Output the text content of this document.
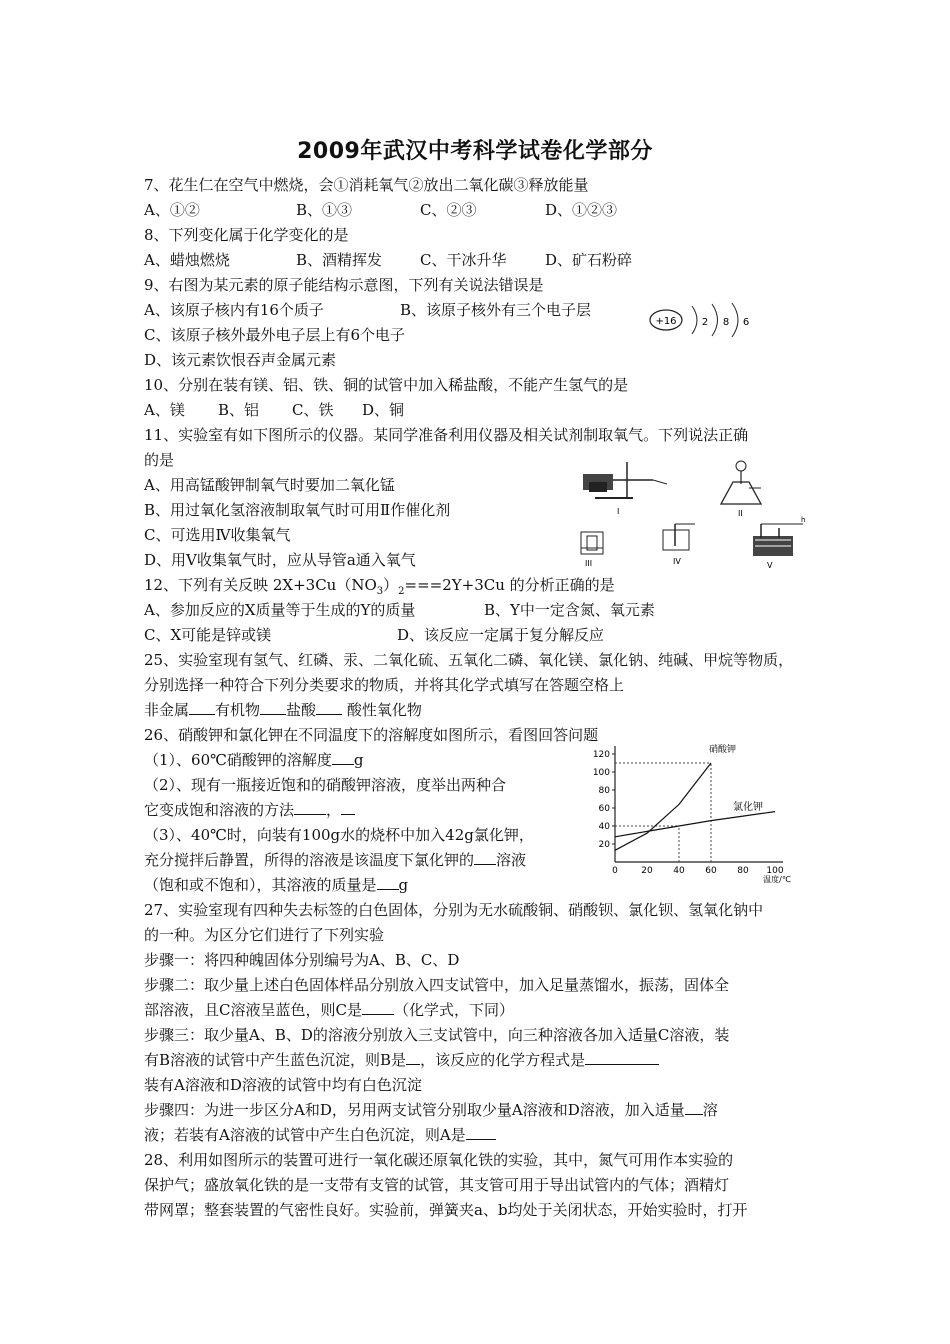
2009年武汉中考科学试卷化学部分
7、花生仁在空气中燃烧，会①消耗氧气②放出二氧化碳③释放能量
A、①②	B、①③	C、②③	D、①②③
8、下列变化属于化学变化的是
A、蜡烛燃烧	B、酒精挥发	C、干冰升华	D、矿石粉碎
9、右图为某元素的原子能结构示意图，下列有关说法错误是
A、该原子核内有16个质子	B、该原子核外有三个电子层
C、该原子核外最外电子层上有6个电子
D、该元素饮恨吞声金属元素
+16	2 8 6
10、分别在装有镁、铝、铁、铜的试管中加入稀盐酸，不能产生氢气的是
A、镁 B、铝 C、铁 D、铜
11、实验室有如下图所示的仪器。某同学准备利用仪器及相关试剂制取氧气。下列说法正确
的是
A、用高锰酸钾制氧气时要加二氧化锰
B、用过氧化氢溶液制取氧气时可用Ⅱ作催化剂
C、可选用Ⅳ收集氧气
D、用Ⅴ收集氧气时，应从导管a通入氧气
I	II
III	IV
h
V
12、下列有关反映 $2X+3Cu(NO_3)_2===2Y+3Cu$ 的分析正确的是
A、参加反应的X质量等于生成的Y的质量	B、Y中一定含氮、氧元素
C、X可能是锌或镁	D、该反应一定属于复分解反应
25、实验室现有氢气、红磷、汞、二氧化硫、五氧化二磷、氧化镁、氯化钠、纯碱、甲烷等物质，
分别选择一种符合下列分类要求的物质，并将其化学式填写在答题空格上
非金属 有机物 盐酸 酸性氧化物
26、硝酸钾和氯化钾在不同温度下的溶解度如图所示，看图回答问题
（1）、60℃硝酸钾的溶解度 g
（2）、现有一瓶接近饱和的硝酸钾溶液，度举出两种合
它变成饱和溶液的方法 ，
（3）、40℃时，向装有100g水的烧杯中加入42g氯化钾，
充分搅拌后静置，所得的溶液是该温度下氯化钾的 溶液
（饱和或不饱和），其溶液的质量是 g
0	20 40 60 80 100
20
40
60
80
100
120
温度/℃
硝酸钾
氯化钾
27、实验室现有四种失去标签的白色固体，分别为无水硫酸铜、硝酸钡、氯化钡、氢氧化钠中
的一种。为区分它们进行了下列实验
步骤一：将四种魄固体分别编号为A、B、C、D
步骤二：取少量上述白色固体样品分别放入四支试管中，加入足量蒸馏水，振荡，固体全
部溶液，且C溶液呈蓝色，则C是 （化学式，下同）
步骤三：取少量A、B、D的溶液分别放入三支试管中，向三种溶液各加入适量C溶液，装
有B溶液的试管中产生蓝色沉淀，则B是 ，该反应的化学方程式是
装有A溶液和D溶液的试管中均有白色沉淀
步骤四：为进一步区分A和D，另用两支试管分别取少量A溶液和D溶液，加入适量 溶
液；若装有A溶液的试管中产生白色沉淀，则A是
28、利用如图所示的装置可进行一氧化碳还原氧化铁的实验，其中，氮气可用作本实验的
保护气；盛放氧化铁的是一支带有支管的试管，其支管可用于导出试管内的气体；酒精灯
带网罩；整套装置的气密性良好。实验前，弹簧夹a、b均处于关闭状态，开始实验时，打开
